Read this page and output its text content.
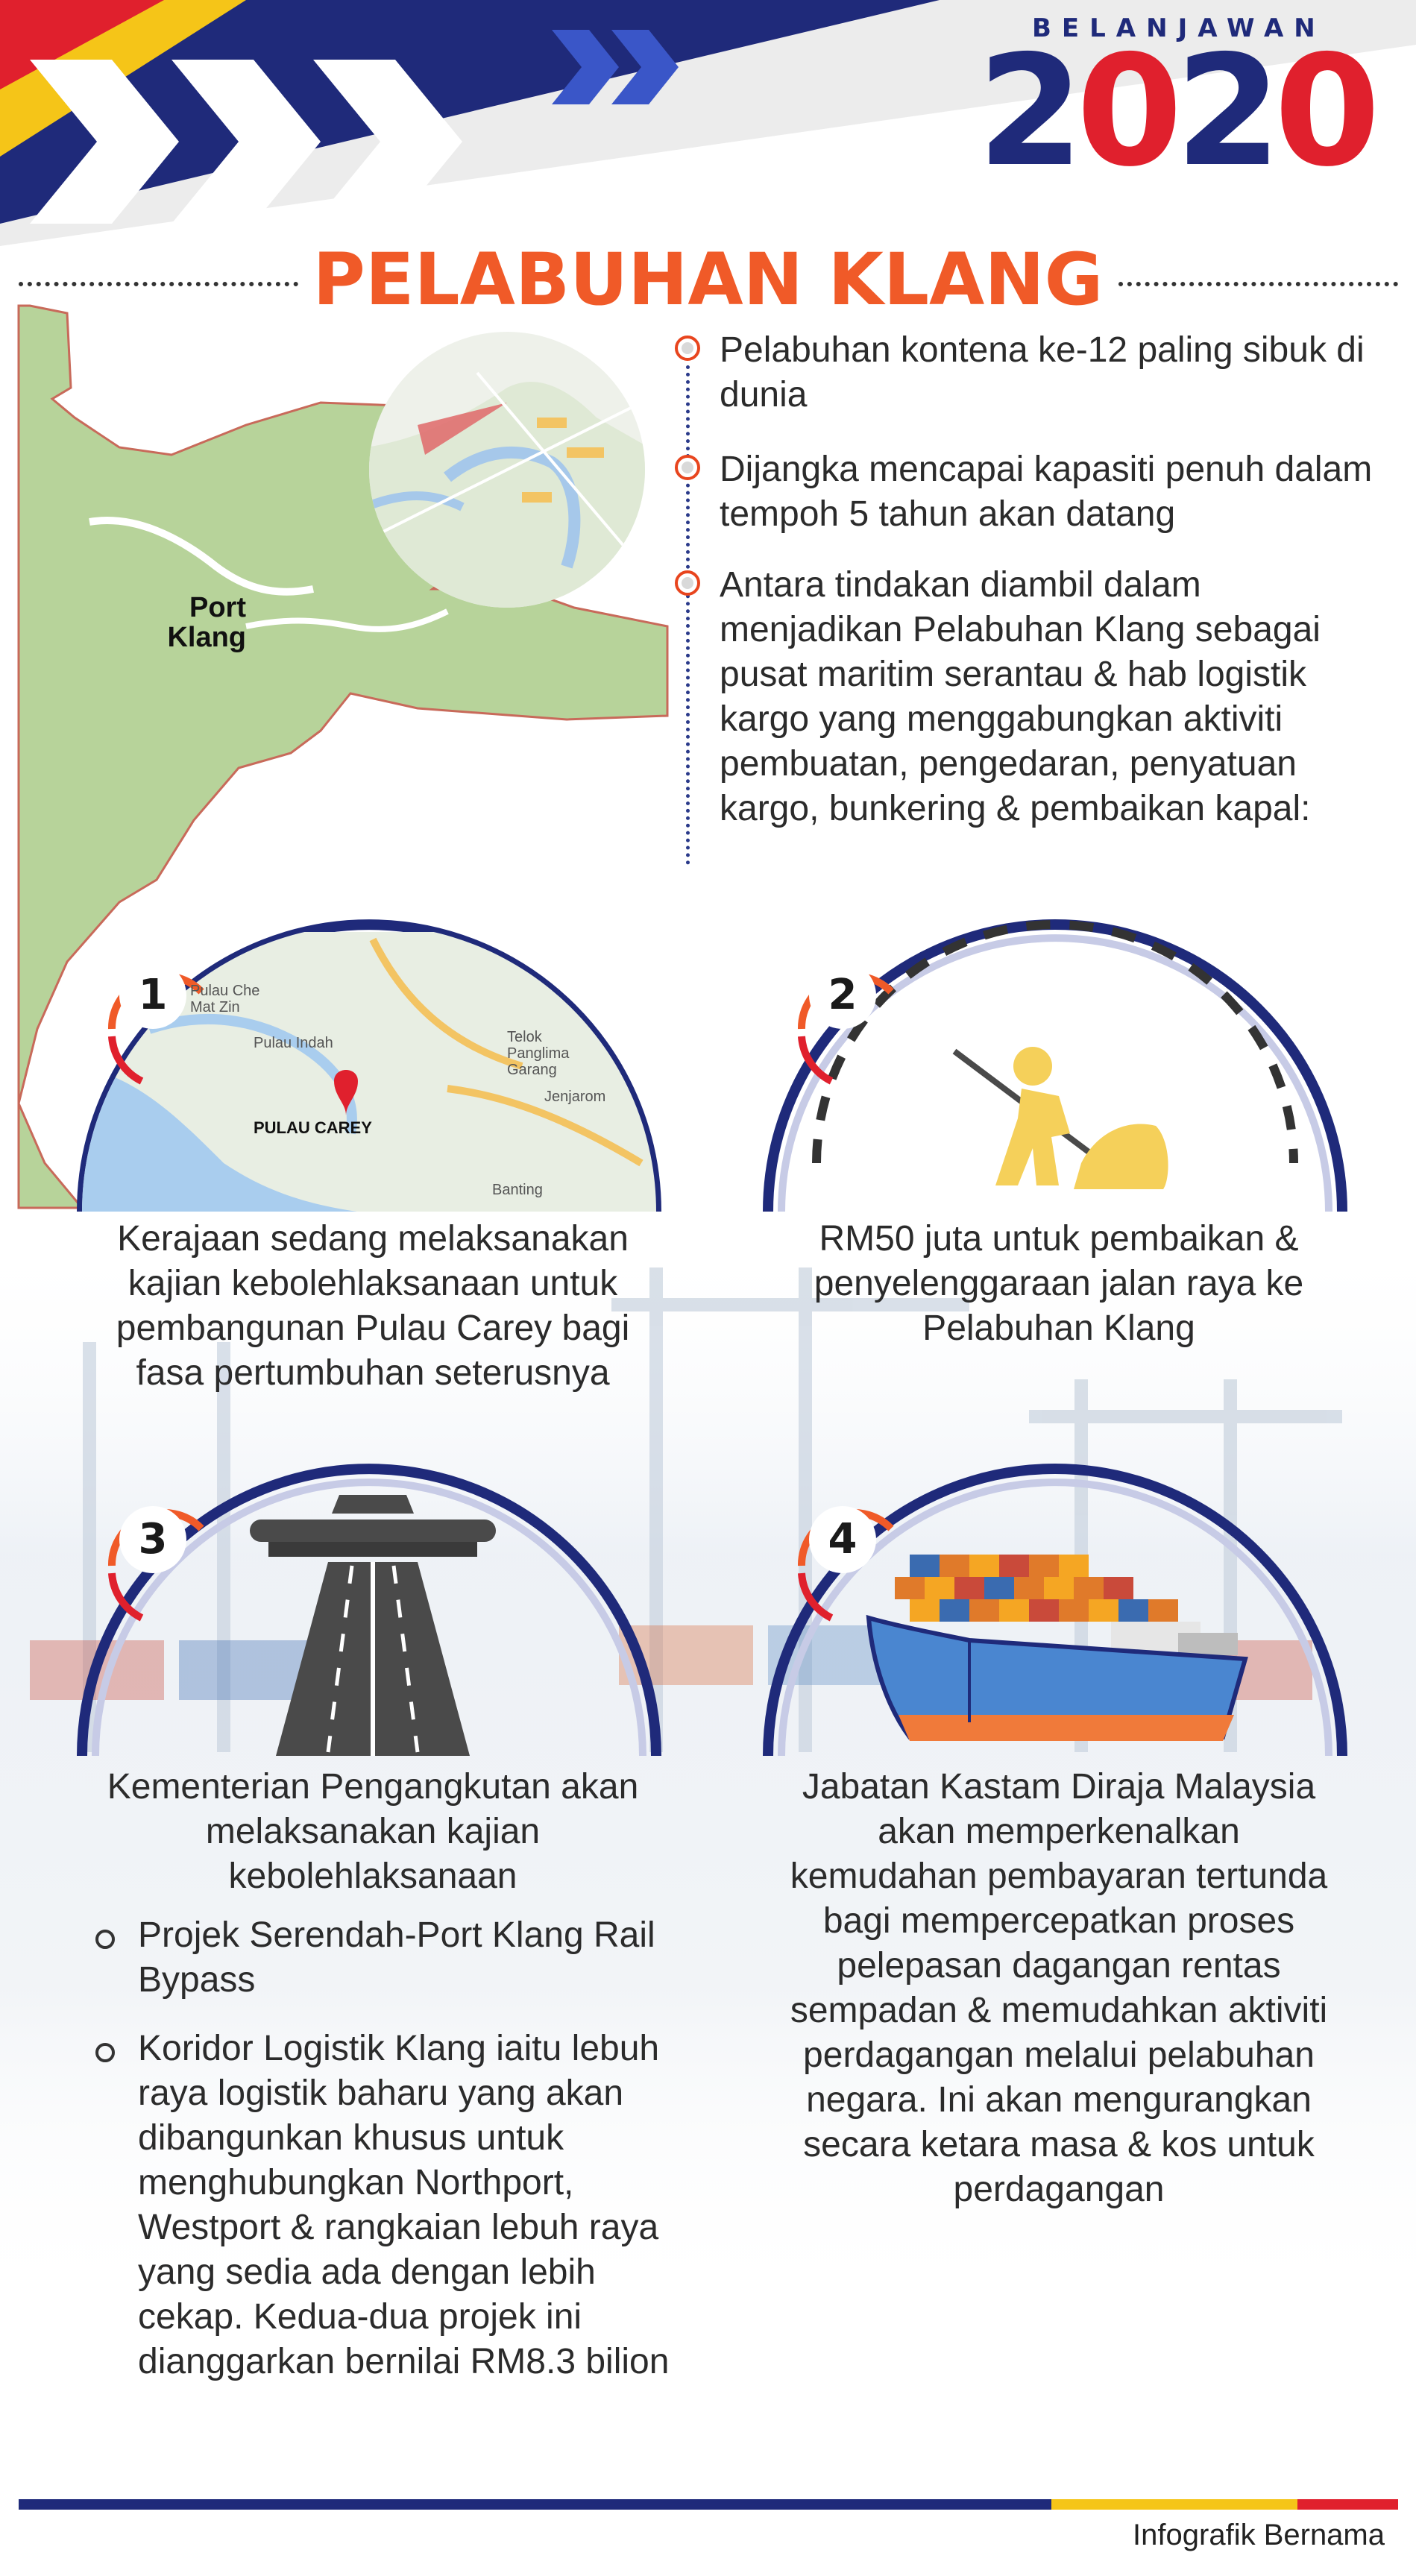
BELANJAWAN
2020
PELABUHAN KLANG
Port
Klang
Pelabuhan kontena ke-12 paling sibuk di dunia
Dijangka mencapai kapasiti penuh dalam tempoh 5 tahun akan datang
Antara tindakan diambil dalam menjadikan Pelabuhan Klang sebagai pusat maritim serantau & hab logistik kargo yang menggabungkan aktiviti pembuatan, pengedaran, penyatuan kargo, bunkering & pembaikan kapal:
1
PULAU CAREY
Pulau Che Mat Zin
Pulau Indah	Telok Panglima Garang
Jenjarom
Banting
Kerajaan sedang melaksanakan kajian kebolehlaksanaan untuk pembangunan Pulau Carey bagi fasa pertumbuhan seterusnya
2
RM50 juta untuk pembaikan & penyelenggaraan jalan raya ke Pelabuhan Klang
3
Kementerian Pengangkutan akan melaksanakan kajian kebolehlaksanaan
Projek Serendah-Port Klang Rail Bypass
Koridor Logistik Klang iaitu lebuh raya logistik baharu yang akan dibangunkan khusus untuk menghubungkan Northport, Westport & rangkaian lebuh raya yang sedia ada dengan lebih cekap. Kedua-dua projek ini dianggarkan bernilai RM8.3 bilion
4
Jabatan Kastam Diraja Malaysia akan memperkenalkan kemudahan pembayaran tertunda bagi mempercepatkan proses pelepasan dagangan rentas sempadan & memudahkan aktiviti perdagangan melalui pelabuhan negara. Ini akan mengurangkan secara ketara masa & kos untuk perdagangan
Infografik Bernama
